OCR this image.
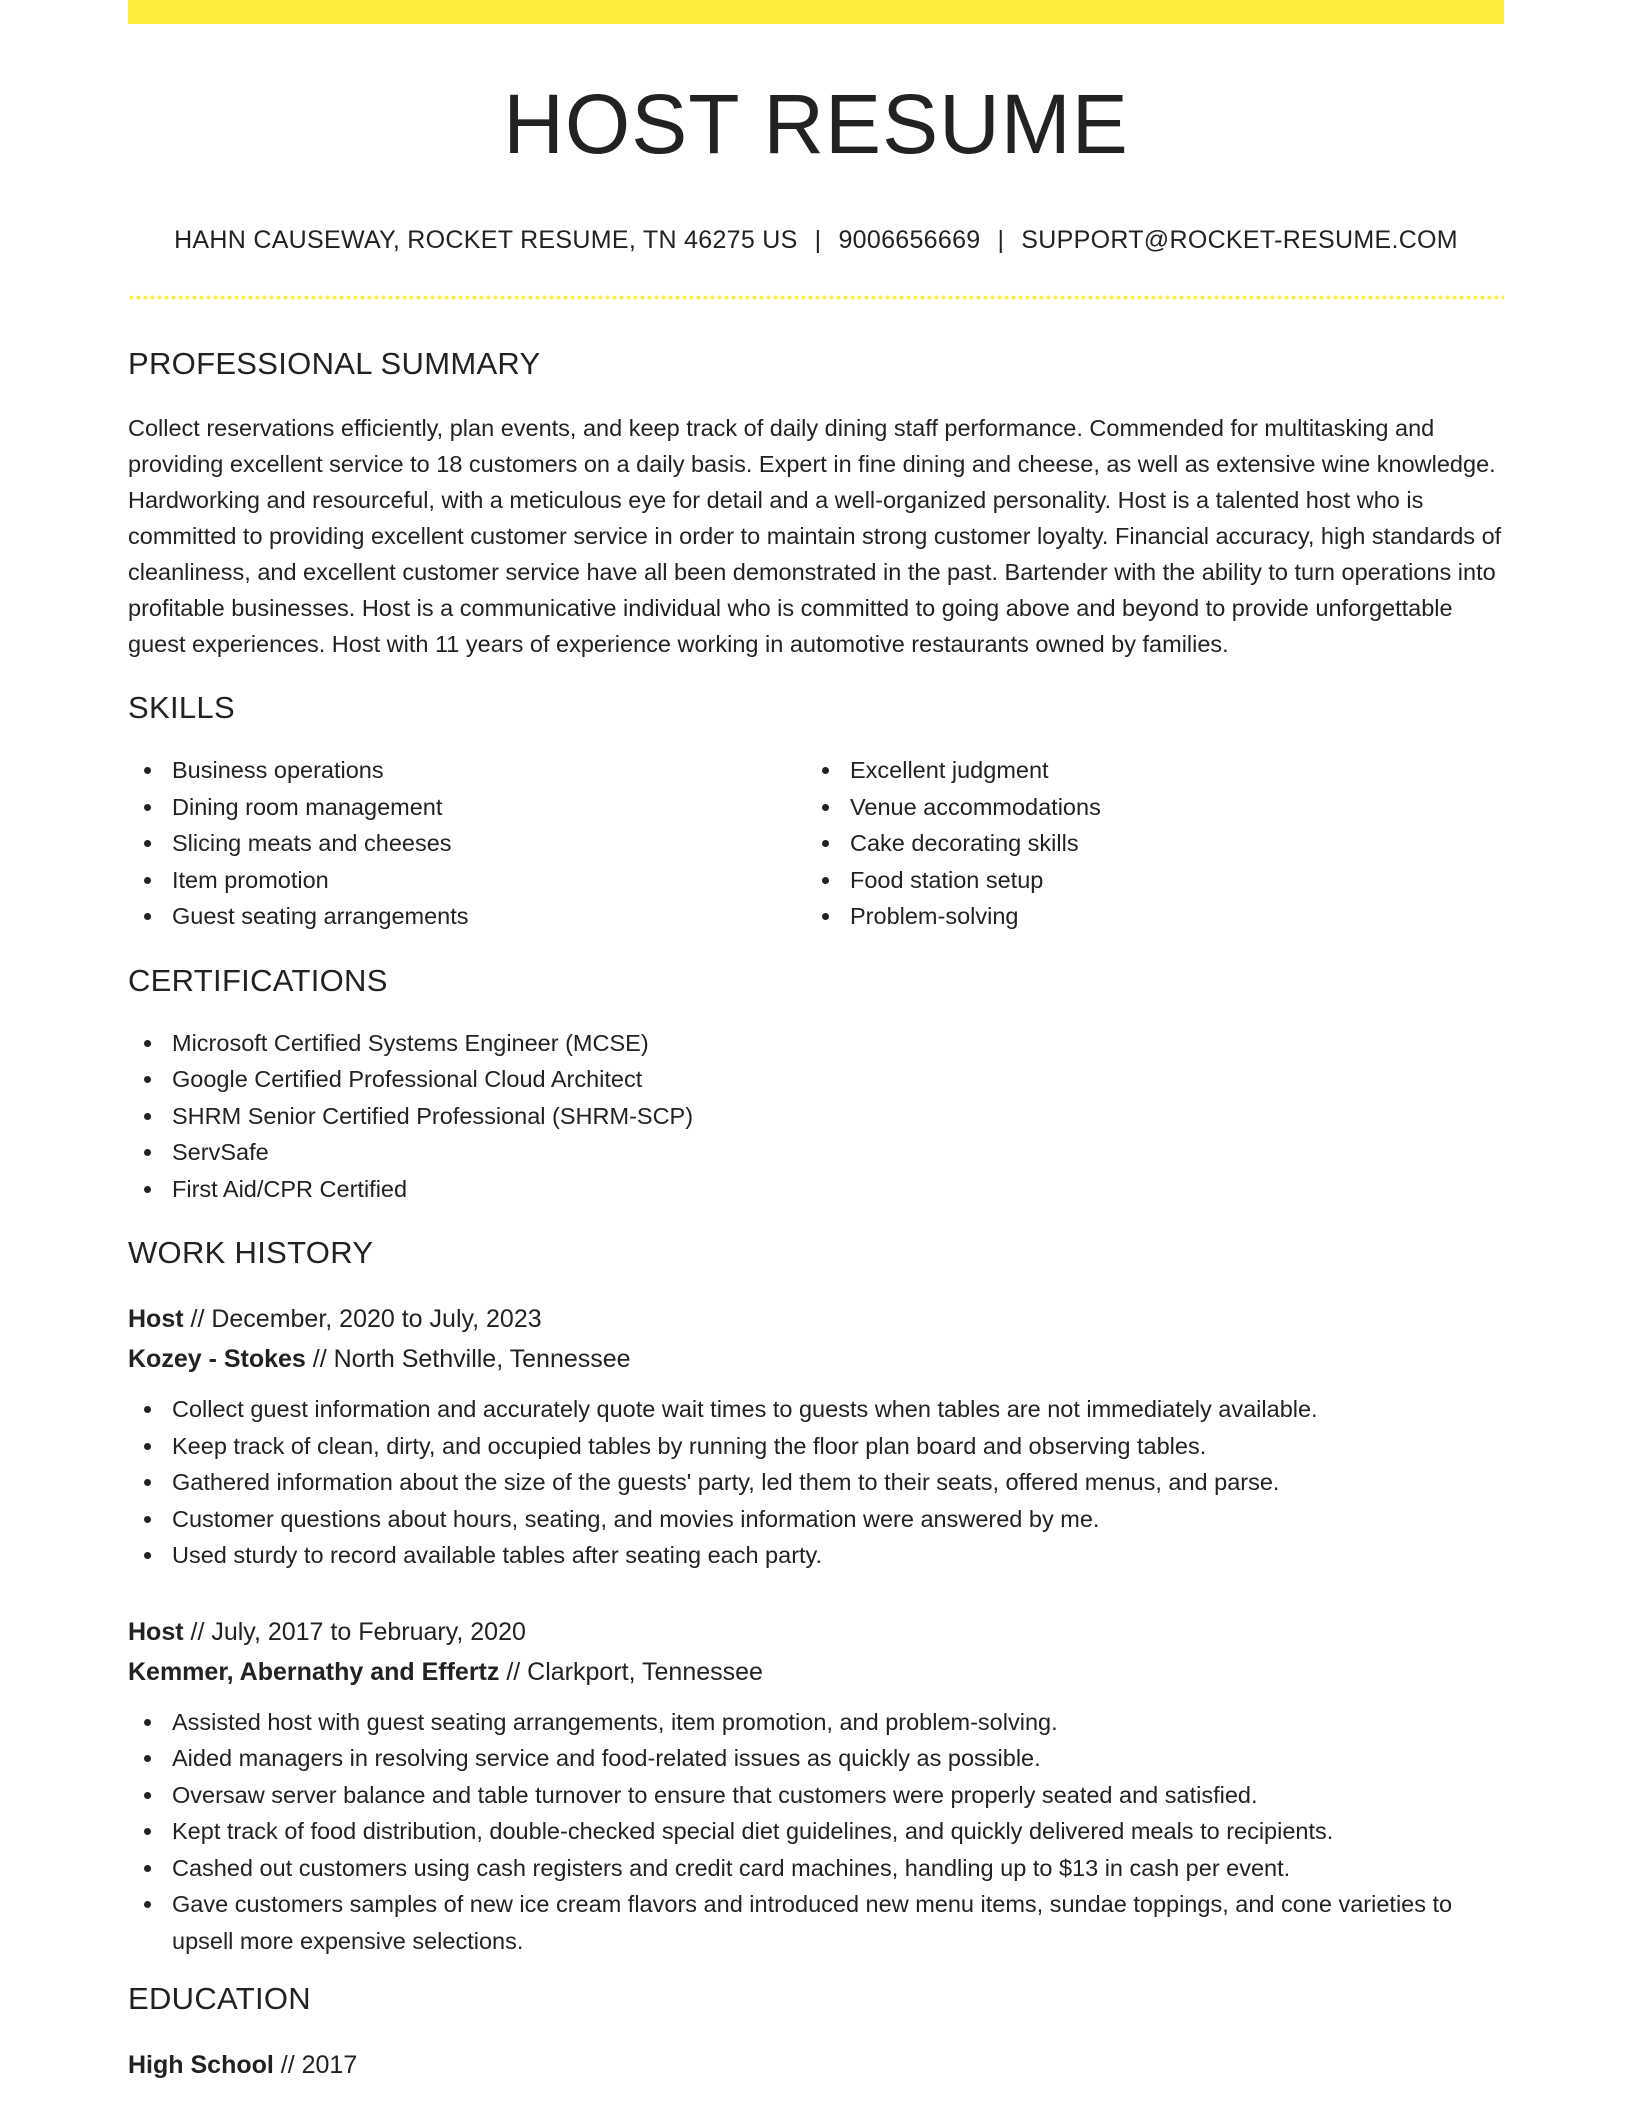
HOST RESUME
HAHN CAUSEWAY, ROCKET RESUME, TN 46275 US | 9006656669 | SUPPORT@ROCKET-RESUME.COM
PROFESSIONAL SUMMARY

Collect reservations efficiently, plan events, and keep track of daily dining staff performance. Commended for multitasking and providing excellent service to 18 customers on a daily basis. Expert in fine dining and cheese, as well as extensive wine knowledge. Hardworking and resourceful, with a meticulous eye for detail and a well-organized personality. Host is a talented host who is committed to providing excellent customer service in order to maintain strong customer loyalty. Financial accuracy, high standards of cleanliness, and excellent customer service have all been demonstrated in the past. Bartender with the ability to turn operations into profitable businesses. Host is a communicative individual who is committed to going above and beyond to provide unforgettable guest experiences. Host with 11 years of experience working in automotive restaurants owned by families.

SKILLS
Business operations
Dining room management
Slicing meats and cheeses
Item promotion
Guest seating arrangements
Excellent judgment
Venue accommodations
Cake decorating skills
Food station setup
Problem-solving
CERTIFICATIONS
Microsoft Certified Systems Engineer (MCSE)
Google Certified Professional Cloud Architect
SHRM Senior Certified Professional (SHRM-SCP)
ServSafe
First Aid/CPR Certified
WORK HISTORY
Host // December, 2020 to July, 2023
Kozey - Stokes // North Sethville, Tennessee
Collect guest information and accurately quote wait times to guests when tables are not immediately available.
Keep track of clean, dirty, and occupied tables by running the floor plan board and observing tables.
Gathered information about the size of the guests' party, led them to their seats, offered menus, and parse.
Customer questions about hours, seating, and movies information were answered by me.
Used sturdy to record available tables after seating each party.
Host // July, 2017 to February, 2020
Kemmer, Abernathy and Effertz // Clarkport, Tennessee
Assisted host with guest seating arrangements, item promotion, and problem-solving.
Aided managers in resolving service and food-related issues as quickly as possible.
Oversaw server balance and table turnover to ensure that customers were properly seated and satisfied.
Kept track of food distribution, double-checked special diet guidelines, and quickly delivered meals to recipients.
Cashed out customers using cash registers and credit card machines, handling up to $13 in cash per event.
Gave customers samples of new ice cream flavors and introduced new menu items, sundae toppings, and cone varieties to upsell more expensive selections.
EDUCATION
High School // 2017
